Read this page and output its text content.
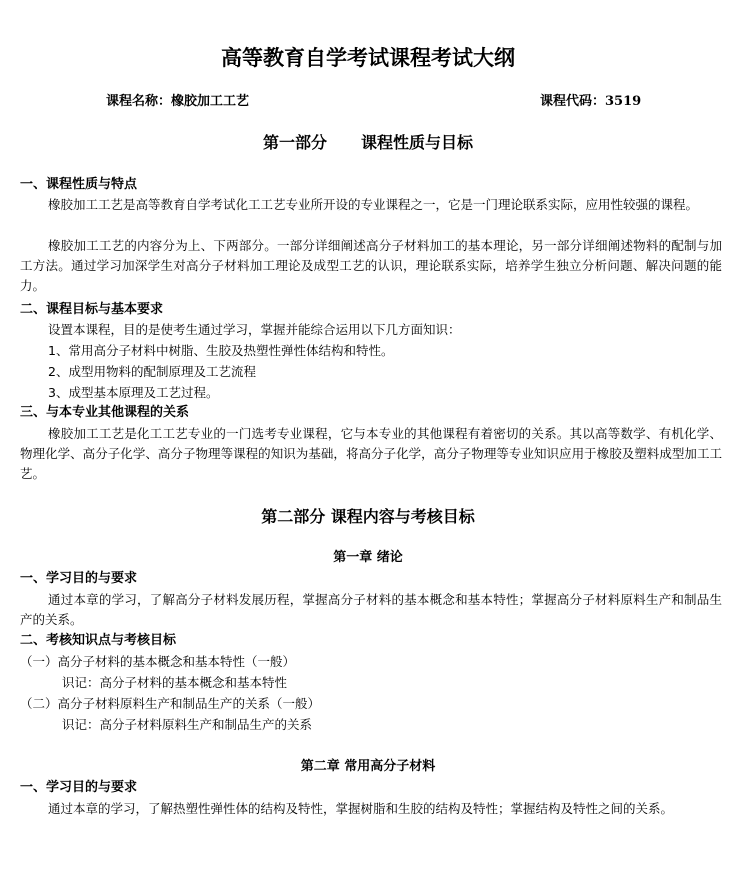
高等教育自学考试课程考试大纲
课程名称：橡胶加工工艺	课程代码：3519
第一部分 课程性质与目标
一、课程性质与特点
橡胶加工工艺是高等教育自学考试化工工艺专业所开设的专业课程之一，它是一门理论联系实际，应用性较强的课程。
橡胶加工工艺的内容分为上、下两部分。一部分详细阐述高分子材料加工的基本理论，另一部分详细阐述物料的配制与加工方法。通过学习加深学生对高分子材料加工理论及成型工艺的认识，理论联系实际，培养学生独立分析问题、解决问题的能力。
二、课程目标与基本要求
设置本课程，目的是使考生通过学习，掌握并能综合运用以下几方面知识：
1、常用高分子材料中树脂、生胶及热塑性弹性体结构和特性。
2、成型用物料的配制原理及工艺流程
3、成型基本原理及工艺过程。
三、与本专业其他课程的关系
橡胶加工工艺是化工工艺专业的一门选考专业课程，它与本专业的其他课程有着密切的关系。其以高等数学、有机化学、物理化学、高分子化学、高分子物理等课程的知识为基础，将高分子化学，高分子物理等专业知识应用于橡胶及塑料成型加工工艺。
第二部分 课程内容与考核目标
第一章 绪论
一、学习目的与要求
通过本章的学习，了解高分子材料发展历程，掌握高分子材料的基本概念和基本特性；掌握高分子材料原料生产和制品生产的关系。
二、考核知识点与考核目标
（一）高分子材料的基本概念和基本特性（一般）
识记：高分子材料的基本概念和基本特性
（二）高分子材料原料生产和制品生产的关系（一般）
识记：高分子材料原料生产和制品生产的关系
第二章 常用高分子材料
一、学习目的与要求
通过本章的学习，了解热塑性弹性体的结构及特性，掌握树脂和生胶的结构及特性；掌握结构及特性之间的关系。
